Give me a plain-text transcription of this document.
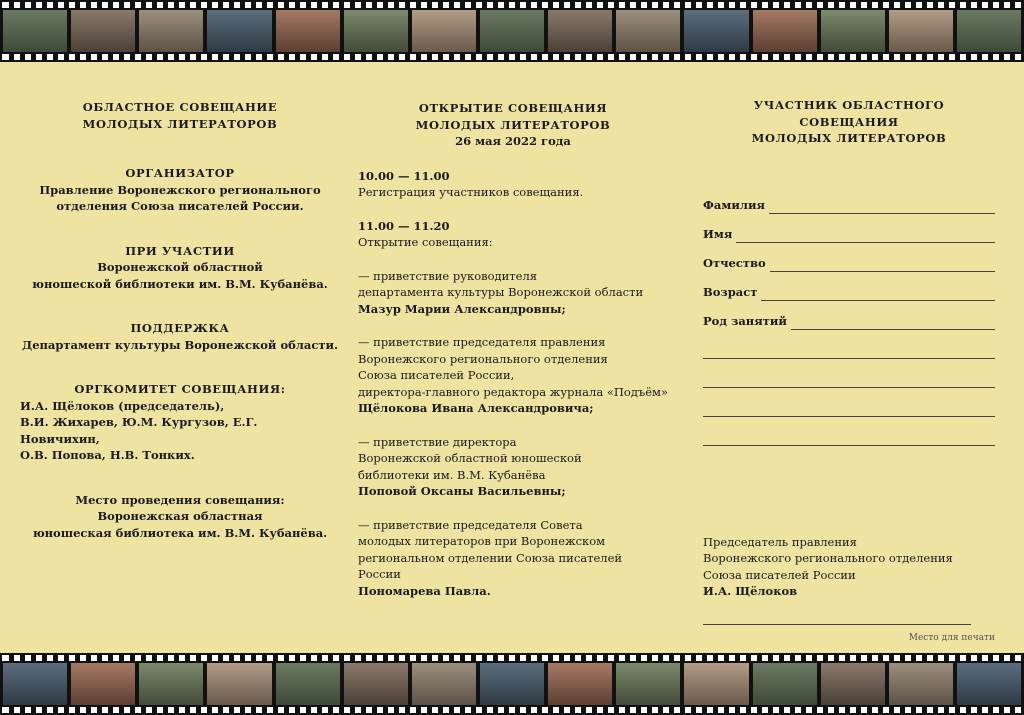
ОБЛАСТНОЕ СОВЕЩАНИЕ

МОЛОДЫХ ЛИТЕРАТОРОВ

ОРГАНИЗАТОР

Правление Воронежского регионального

отделения Союза писателей России.

ПРИ УЧАСТИИ

Воронежской областной

юношеской библиотеки им. В.М. Кубанёва.

ПОДДЕРЖКА

Департамент культуры Воронежской области.

ОРГКОМИТЕТ СОВЕЩАНИЯ:

И.А. Щёлоков (председатель),

В.И. Жихарев, Ю.М. Кургузов, Е.Г. Новичихин,

О.В. Попова, Н.В. Тонких.

Место проведения совещания:

Воронежская областная

юношеская библиотека им. В.М. Кубанёва.

ОТКРЫТИЕ СОВЕЩАНИЯ

МОЛОДЫХ ЛИТЕРАТОРОВ

26 мая 2022 года

10.00 — 11.00

Регистрация участников совещания.

11.00 — 11.20

Открытие совещания:

— приветствие руководителя

департамента культуры Воронежской области

Мазур Марии Александровны;

— приветствие председателя правления

Воронежского регионального отделения

Союза писателей России,

директора-главного редактора журнала «Подъём»

Щёлокова Ивана Александровича;

— приветствие директора

Воронежской областной юношеской

библиотеки им. В.М. Кубанёва

Поповой Оксаны Васильевны;

— приветствие председателя Совета

молодых литераторов при Воронежском

региональном отделении Союза писателей России

Пономарева Павла.

УЧАСТНИК ОБЛАСТНОГО СОВЕЩАНИЯ

МОЛОДЫХ ЛИТЕРАТОРОВ

Фамилия
Имя
Отчество
Возраст
Род занятий

Председатель правления

Воронежского регионального отделения

Союза писателей России

И.А. Щёлоков

Место для печати
